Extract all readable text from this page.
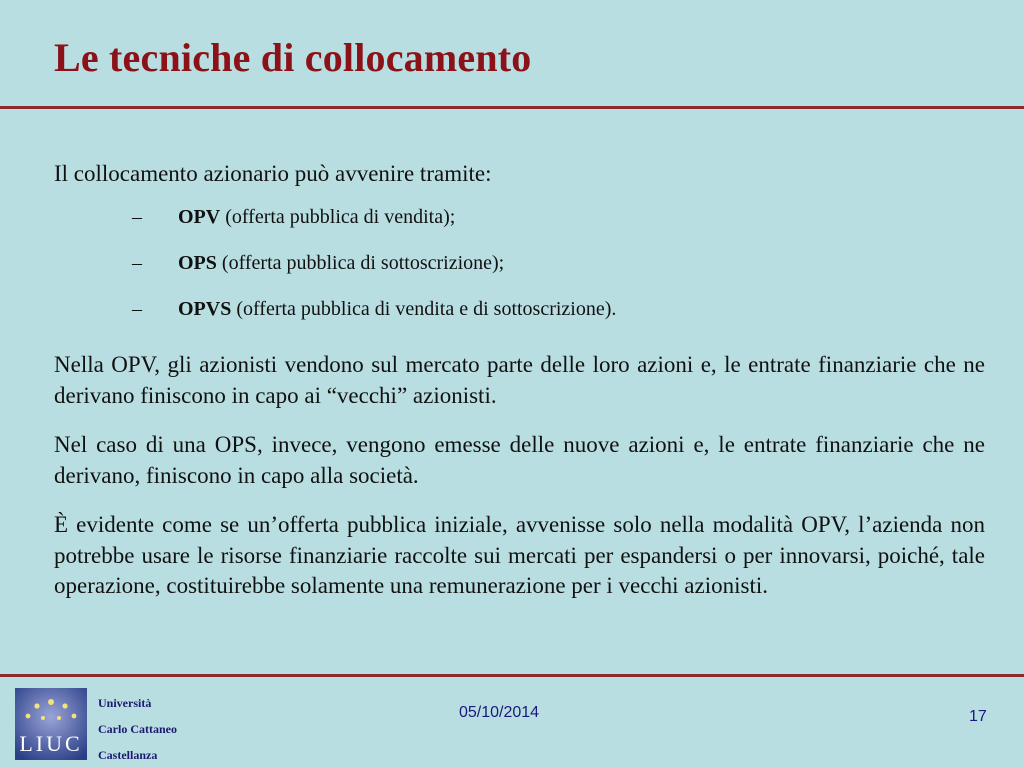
Le tecniche di collocamento
Il collocamento azionario può avvenire tramite:
–	OPV (offerta pubblica di vendita);
–	OPS (offerta pubblica di sottoscrizione);
–	OPVS (offerta pubblica di vendita e di sottoscrizione).

Nella OPV, gli azionisti vendono sul mercato parte delle loro azioni e, le entrate finanziarie che ne derivano finiscono in capo ai “vecchi” azionisti.

Nel caso di una OPS, invece, vengono emesse delle nuove azioni e, le entrate finanziarie che ne derivano, finiscono in capo alla società.

È evidente come se un’offerta pubblica iniziale, avvenisse solo nella modalità OPV, l’azienda non potrebbe usare le risorse finanziarie raccolte sui mercati per espandersi o per innovarsi, poiché, tale operazione, costituirebbe solamente una remunerazione per i vecchi azionisti.

LIUC
Università
Carlo Cattaneo
Castellanza
05/10/2014	17
